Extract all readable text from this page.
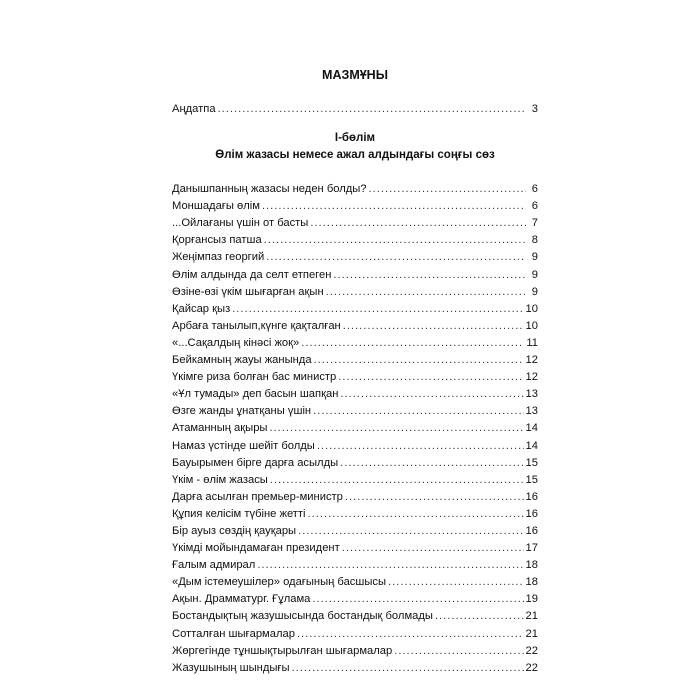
МАЗМҰНЫ
Аңдатпа .....	3
І-бөлім
Өлім жазасы немесе ажал алдындағы соңғы сөз
Данышпанның жазасы неден болды? .....	6
Моншадағы өлім .....	6
...Ойлағаны үшін от басты .....	7
Қорғансыз патша .....	8
Жеңімпаз георгий .....	9
Өлім алдында да селт етпеген .....	9
Өзіне-өзі үкім шығарған ақын .....	9
Қайсар қыз .....	10
Арбаға танылып,күнге қақталған .....	10
«...Сақалдың кінәсі жоқ» .....	11
Бейкамның жауы жанында .....	12
Үкімге риза болған бас министр .....	12
«Ұл тумады» деп басын шапқан .....	13
Өзге жанды ұнатқаны үшін .....	13
Атаманның ақыры .....	14
Намаз үстінде шейіт болды .....	14
Бауырымен бірге дарға асылды .....	15
Үкім - өлім жазасы .....	15
Дарға асылған премьер-министр .....	16
Құпия келісім түбіне жетті .....	16
Бір ауыз сөздің қауқары .....	16
Үкімді мойындамаған президент .....	17
Ғалым адмирал .....	18
«Дым істемеушілер» одағының басшысы .....	18
Ақын. Драмматург. Ғұлама .....	19
Бостандықтың жазушысында бостандық болмады .....	21
Сотталған шығармалар .....	21
Жөргегінде тұншықтырылған шығармалар .....	22
Жазушының шындығы .....	22
